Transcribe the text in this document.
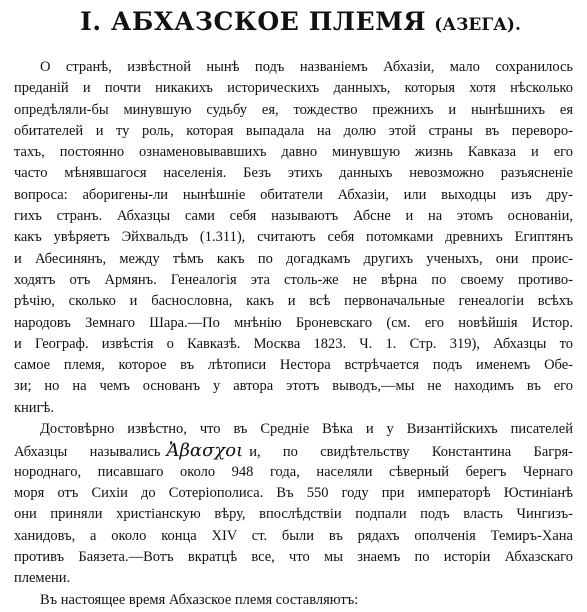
I. АБХАЗСКОЕ ПЛЕМЯ (АЗЕГА).
О странѣ, извѣстной нынѣ подъ названіемъ Абхазіи, мало сохранилось
преданій и почти никакихъ историческихъ данныхъ, которыя хотя нѣсколько
опредѣляли-бы минувшую судьбу ея, тождество прежнихъ и нынѣшнихъ ея
обитателей и ту роль, которая выпадала на долю этой страны въ переворо-
тахъ, постоянно ознаменовывавшихъ давно минувшую жизнь Кавказа и его
часто мѣнявшагося населенія. Безъ этихъ данныхъ невозможно разъясненіе
вопроса: аборигены-ли нынѣшніе обитатели Абхазіи, или выходцы изъ дру-
гихъ странъ. Абхазцы сами себя называютъ Абсне и на этомъ основаніи,
какъ увѣряетъ Эйхвальдъ (1.311), считаютъ себя потомками древнихъ Египтянъ
и Абесинянъ, между тѣмъ какъ по догадкамъ другихъ ученыхъ, они проис-
ходятъ отъ Армянъ. Генеалогія эта столь-же не вѣрна по своему противо-
рѣчію, сколько и баснословна, какъ и всѣ первоначальные генеалогіи всѣхъ
народовъ Земнаго Шара.—По мнѣнію Броневскаго (см. его новѣйшія Истор.
и Географ. извѣстія о Кавказѣ. Москва 1823. Ч. 1. Стр. 319), Абхазцы то
самое племя, которое въ лѣтописи Нестора встрѣчается подъ именемъ Обе-
зи; но на чемъ основанъ у автора этотъ выводъ,—мы не находимъ въ его
книгѣ.
Достовѣрно извѣстно, что въ Средніе Вѣка и у Византійскихъ писателей
Абхазцы назывались Ἀβασχοι и, по свидѣтельству Константина Багря-
нороднаго, писавшаго около 948 года, населяли сѣверный берегъ Чернаго
моря отъ Сихіи до Сотеріополиса. Въ 550 году при императорѣ Юстиніанѣ
они приняли христіанскую вѣру, впослѣдствіи подпали подъ власть Чингизъ-
ханидовъ, а около конца XIV ст. были въ рядахъ ополченія Темиръ-Хана
противъ Баязета.—Вотъ вкратцѣ все, что мы знаемъ по исторіи Абхазскаго
племени.
Въ настоящее время Абхазское племя составляютъ:
